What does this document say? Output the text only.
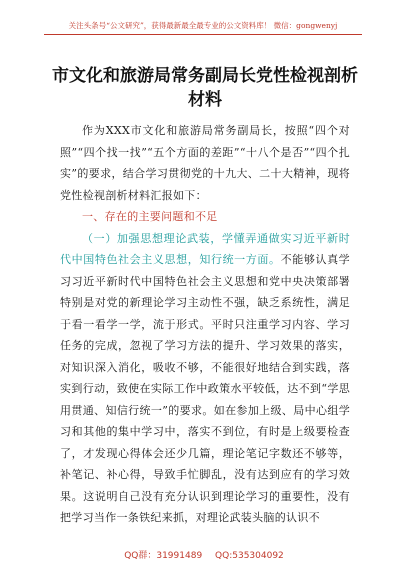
关注头条号“公文研究”，获得最新最全最专业的公文资料库！ 微信：gongwenyj
市文化和旅游局常务副局长党性检视剖析
材料

作为XXX市文化和旅游局常务副局长，按照“四个对照”“四个找一找”“五个方面的差距”“十八个是否”“四个扎实”的要求，结合学习贯彻党的十九大、二十大精神，现将党性检视剖析材料汇报如下：

一、存在的主要问题和不足

（一）加强思想理论武装，学懂弄通做实习近平新时代中国特色社会主义思想，知行统一方面。不能够认真学习习近平新时代中国特色社会主义思想和党中央决策部署特别是对党的新理论学习主动性不强，缺乏系统性，满足于看一看学一学，流于形式。平时只注重学习内容、学习任务的完成，忽视了学习方法的提升、学习效果的落实，对知识深入消化，吸收不够，不能很好地结合到实践，落实到行动，致使在实际工作中政策水平较低，达不到“学思用贯通、知信行统一”的要求。如在参加上级、局中心组学习和其他的集中学习中，落实不到位，有时是上级要检查了，才发现心得体会还少几篇，理论笔记字数还不够等，补笔记、补心得，导致手忙脚乱，没有达到应有的学习效果。这说明自己没有充分认识到理论学习的重要性，没有把学习当作一条铁纪来抓，对理论武装头脑的认识不

QQ群：31991489 QQ:535304092
